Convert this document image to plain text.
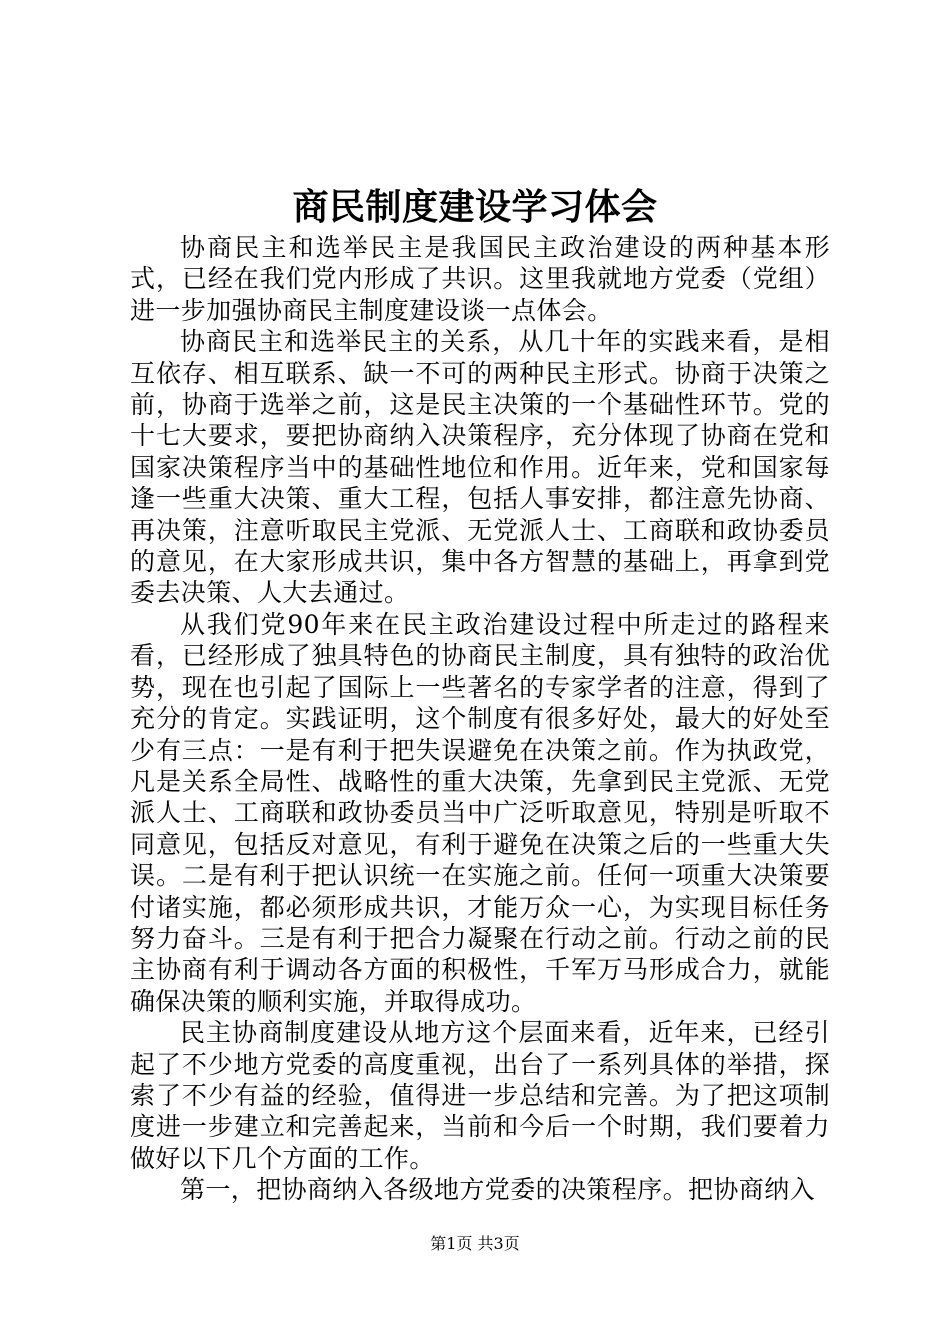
商民制度建设学习体会

协商民主和选举民主是我国民主政治建设的两种基本形式，已经在我们党内形成了共识。这里我就地方党委（党组）进一步加强协商民主制度建设谈一点体会。

协商民主和选举民主的关系，从几十年的实践来看，是相互依存、相互联系、缺一不可的两种民主形式。协商于决策之前，协商于选举之前，这是民主决策的一个基础性环节。党的十七大要求，要把协商纳入决策程序，充分体现了协商在党和国家决策程序当中的基础性地位和作用。近年来，党和国家每逢一些重大决策、重大工程，包括人事安排，都注意先协商、再决策，注意听取民主党派、无党派人士、工商联和政协委员的意见，在大家形成共识，集中各方智慧的基础上，再拿到党委去决策、人大去通过。

从我们党90年来在民主政治建设过程中所走过的路程来看，已经形成了独具特色的协商民主制度，具有独特的政治优势，现在也引起了国际上一些著名的专家学者的注意，得到了充分的肯定。实践证明，这个制度有很多好处，最大的好处至少有三点：一是有利于把失误避免在决策之前。作为执政党，凡是关系全局性、战略性的重大决策，先拿到民主党派、无党派人士、工商联和政协委员当中广泛听取意见，特别是听取不同意见，包括反对意见，有利于避免在决策之后的一些重大失误。二是有利于把认识统一在实施之前。任何一项重大决策要付诸实施，都必须形成共识，才能万众一心，为实现目标任务努力奋斗。三是有利于把合力凝聚在行动之前。行动之前的民主协商有利于调动各方面的积极性，千军万马形成合力，就能确保决策的顺利实施，并取得成功。

民主协商制度建设从地方这个层面来看，近年来，已经引起了不少地方党委的高度重视，出台了一系列具体的举措，探索了不少有益的经验，值得进一步总结和完善。为了把这项制度进一步建立和完善起来，当前和今后一个时期，我们要着力做好以下几个方面的工作。

第一，把协商纳入各级地方党委的决策程序。把协商纳入

第1页 共3页
